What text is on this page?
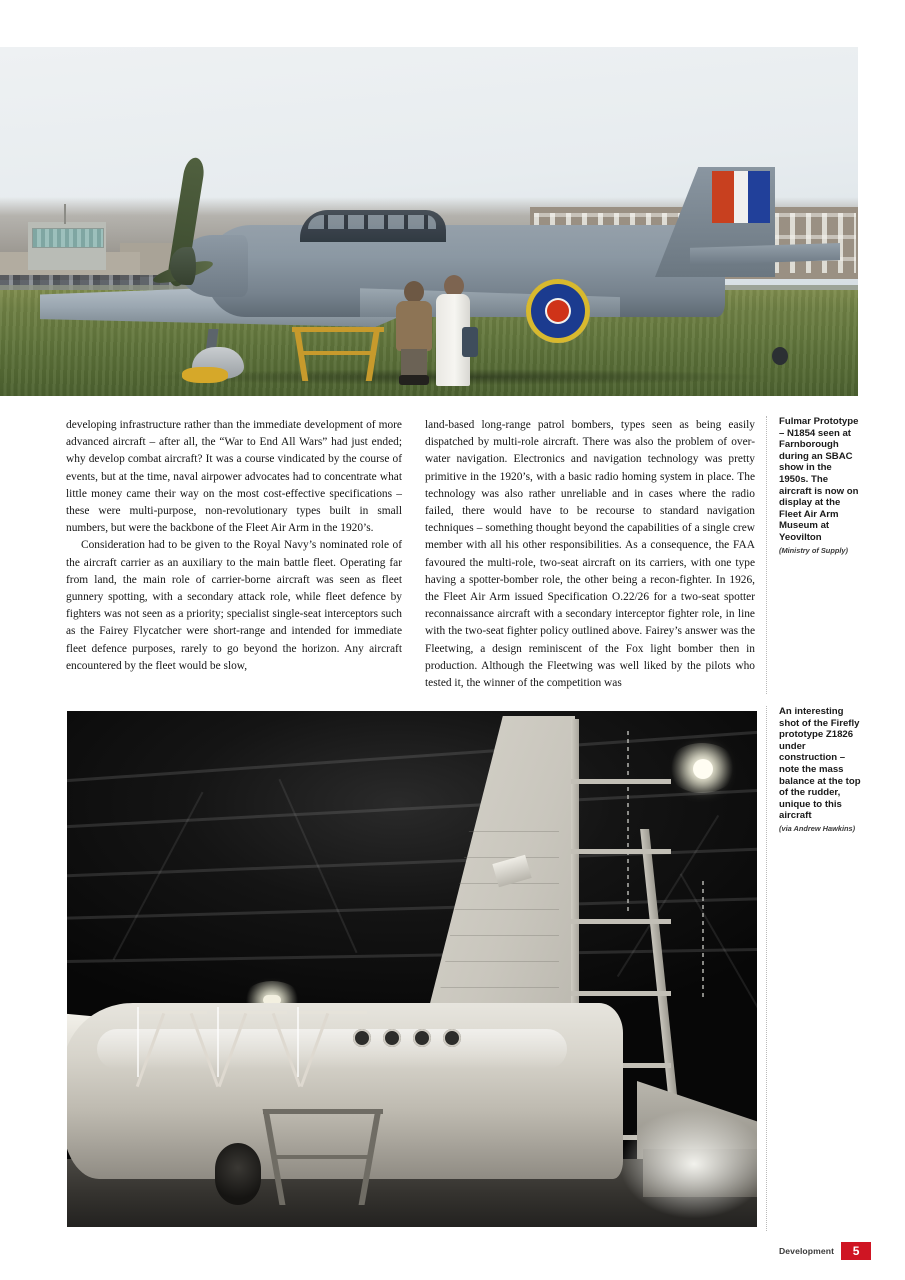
developing infrastructure rather than the immediate development of more advanced aircraft – after all, the “War to End All Wars” had just ended; why develop combat aircraft? It was a course vindicated by the course of events, but at the time, naval airpower advocates had to concentrate what little money came their way on the most cost-effective specifications – these were multi-purpose, non-revolutionary types built in small numbers, but were the backbone of the Fleet Air Arm in the 1920’s.

Consideration had to be given to the Royal Navy’s nominated role of the aircraft carrier as an auxiliary to the main battle fleet. Operating far from land, the main role of carrier-borne aircraft was seen as fleet gunnery spotting, with a secondary attack role, while fleet defence by fighters was not seen as a priority; specialist single-seat interceptors such as the Fairey Flycatcher were short-range and intended for immediate fleet defence purposes, rarely to go beyond the horizon. Any aircraft encountered by the fleet would be slow,

land-based long-range patrol bombers, types seen as being easily dispatched by multi-role aircraft. There was also the problem of over-water navigation. Electronics and navigation technology was pretty primitive in the 1920’s, with a basic radio homing system in place. The technology was also rather unreliable and in cases where the radio failed, there would have to be recourse to standard navigation techniques – something thought beyond the capabilities of a single crew member with all his other responsibilities. As a consequence, the FAA favoured the multi-role, two-seat aircraft on its carriers, with one type having a spotter-bomber role, the other being a recon-fighter. In 1926, the Fleet Air Arm issued Specification O.22/26 for a two-seat spotter reconnaissance aircraft with a secondary interceptor fighter role, in line with the two-seat fighter policy outlined above. Fairey’s answer was the Fleetwing, a design reminiscent of the Fox light bomber then in production. Although the Fleetwing was well liked by the pilots who tested it, the winner of the competition was

Fulmar Prototype – N1854 seen at Farnborough during an SBAC show in the 1950s. The aircraft is now on display at the Fleet Air Arm Museum at Yeovilton
(Ministry of Supply)
An interesting shot of the Firefly prototype Z1826 under construction – note the mass balance at the top of the rudder, unique to this aircraft
(via Andrew Hawkins)
Development	5
